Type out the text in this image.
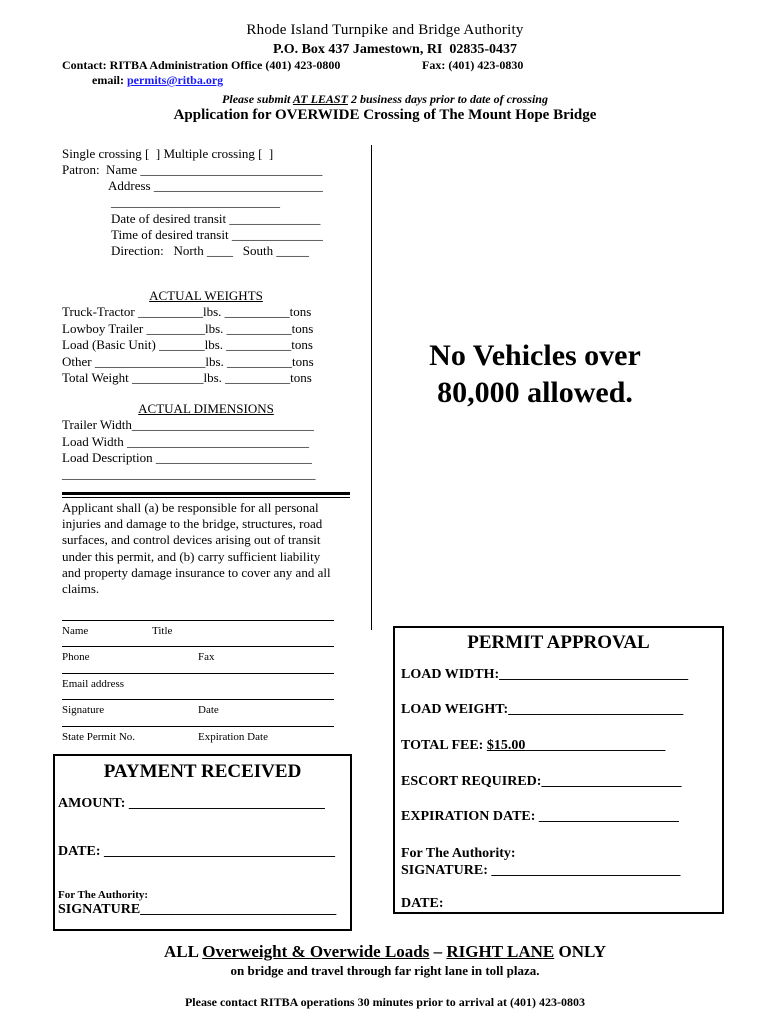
Rhode Island Turnpike and Bridge Authority
P.O. Box 437 Jamestown, RI  02835-0437
Contact: RITBA Administration Office (401) 423-0800	Fax: (401) 423-0830
email: permits@ritba.org
Please submit AT LEAST 2 business days prior to date of crossing
Application for OVERWIDE Crossing of The Mount Hope Bridge
Single crossing [  ] Multiple crossing [  ]
Patron:  Name ____________________________
Address __________________________
__________________________
Date of desired transit ______________
Time of desired transit ______________
Direction:   North ____   South _____
ACTUAL WEIGHTS
Truck-Tractor __________lbs. __________tons
Lowboy Trailer _________lbs. __________tons
Load (Basic Unit) _______lbs. __________tons
Other _________________lbs. __________tons
Total Weight ___________lbs. __________tons
ACTUAL DIMENSIONS
Trailer Width____________________________
Load Width ____________________________
Load Description ________________________
_______________________________________
Applicant shall (a) be responsible for all personal
injuries and damage to the bridge, structures, road
surfaces, and control devices arising out of transit
under this permit, and (b) carry sufficient liability
and property damage insurance to cover any and all
claims.
Name	Title
Phone	Fax
Email address
Signature	Date
State Permit No.	Expiration Date
No Vehicles over 80,000 allowed.
PAYMENT RECEIVED
AMOUNT: ____________________________
DATE: _________________________________
For The Authority:
SIGNATURE____________________________
PERMIT APPROVAL
LOAD WIDTH:___________________________
LOAD WEIGHT:_________________________
TOTAL FEE: $15.00____________________
ESCORT REQUIRED:____________________
EXPIRATION DATE: ____________________
For The Authority:
SIGNATURE: ___________________________
DATE:
ALL Overweight & Overwide Loads – RIGHT LANE ONLY
on bridge and travel through far right lane in toll plaza.
Please contact RITBA operations 30 minutes prior to arrival at (401) 423-0803
